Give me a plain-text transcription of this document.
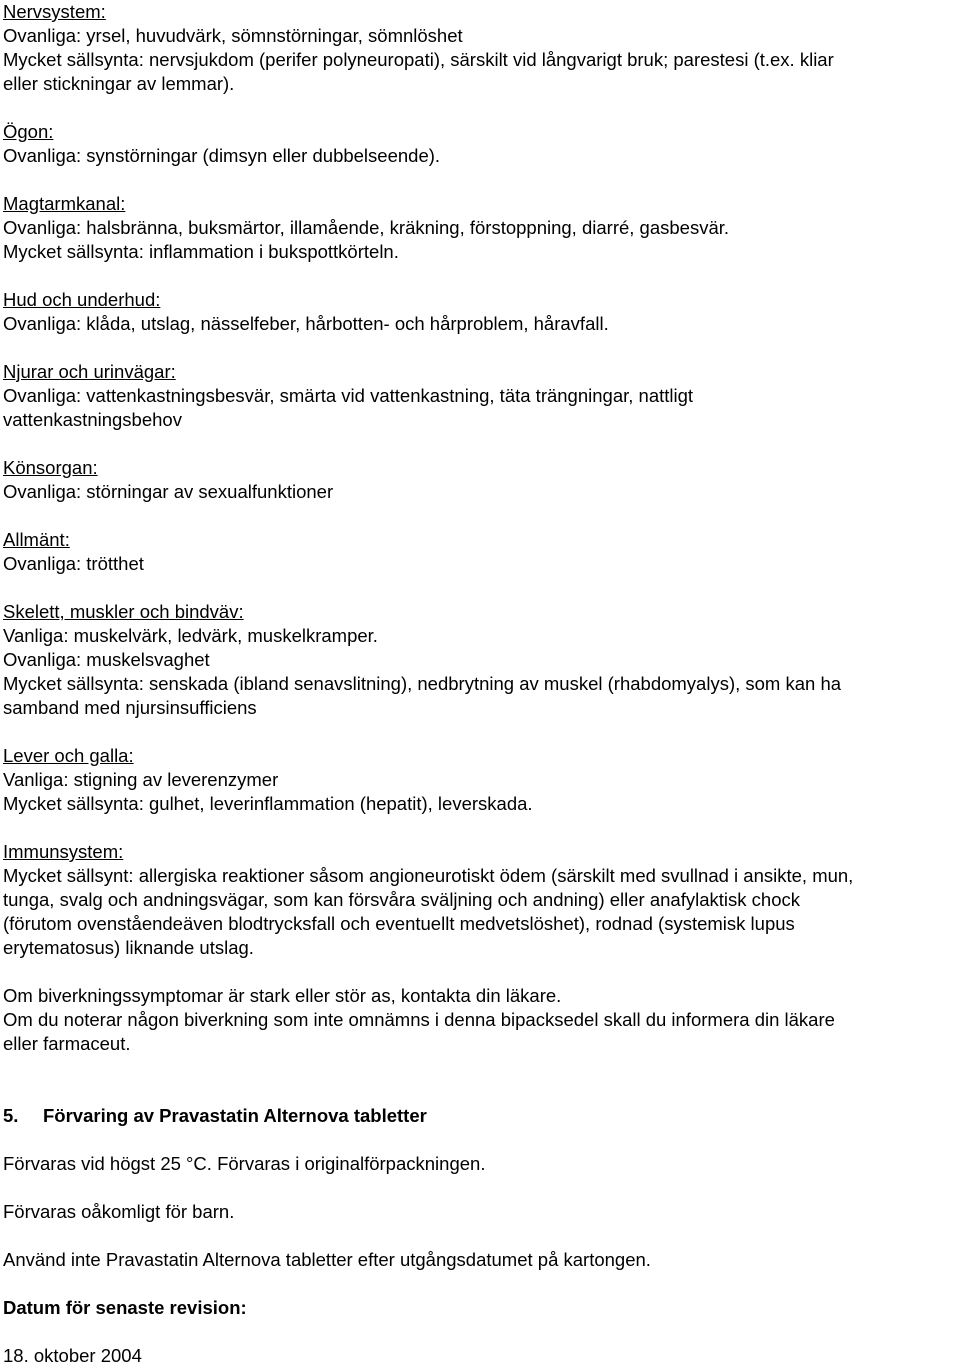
Nervsystem:
Ovanliga: yrsel, huvudvärk, sömnstörningar, sömnlöshet
Mycket sällsynta: nervsjukdom (perifer polyneuropati), särskilt vid långvarigt bruk; parestesi (t.ex. kliar
eller stickningar av lemmar).
Ögon:
Ovanliga: synstörningar (dimsyn eller dubbelseende).
Magtarmkanal:
Ovanliga: halsbränna, buksmärtor, illamående, kräkning, förstoppning, diarré, gasbesvär.
Mycket sällsynta: inflammation i bukspottkörteln.
Hud och underhud:
Ovanliga: klåda, utslag, nässelfeber, hårbotten- och hårproblem, håravfall.
Njurar och urinvägar:
Ovanliga: vattenkastningsbesvär, smärta vid vattenkastning, täta trängningar, nattligt
vattenkastningsbehov
Könsorgan:
Ovanliga: störningar av sexualfunktioner
Allmänt:
Ovanliga: trötthet
Skelett, muskler och bindväv:
Vanliga: muskelvärk, ledvärk, muskelkramper.
Ovanliga: muskelsvaghet
Mycket sällsynta: senskada (ibland senavslitning), nedbrytning av muskel (rhabdomyalys), som kan ha
samband med njursinsufficiens
Lever och galla:
Vanliga: stigning av leverenzymer
Mycket sällsynta: gulhet, leverinflammation (hepatit), leverskada.
Immunsystem:
Mycket sällsynt: allergiska reaktioner såsom angioneurotiskt ödem (särskilt med svullnad i ansikte, mun,
tunga, svalg och andningsvägar, som kan försvåra sväljning och andning) eller anafylaktisk chock
(förutom ovenståendeäven blodtrycksfall och eventuellt medvetslöshet), rodnad (systemisk lupus
erytematosus) liknande utslag.
Om biverkningssymptomar är stark eller stör as, kontakta din läkare.
Om du noterar någon biverkning som inte omnämns i denna bipacksedel skall du informera din läkare
eller farmaceut.
5. Förvaring av Pravastatin Alternova tabletter
Förvaras vid högst 25 °C. Förvaras i originalförpackningen.
Förvaras oåkomligt för barn.
Använd inte Pravastatin Alternova tabletter efter utgångsdatumet på kartongen.
Datum för senaste revision:
18. oktober 2004
